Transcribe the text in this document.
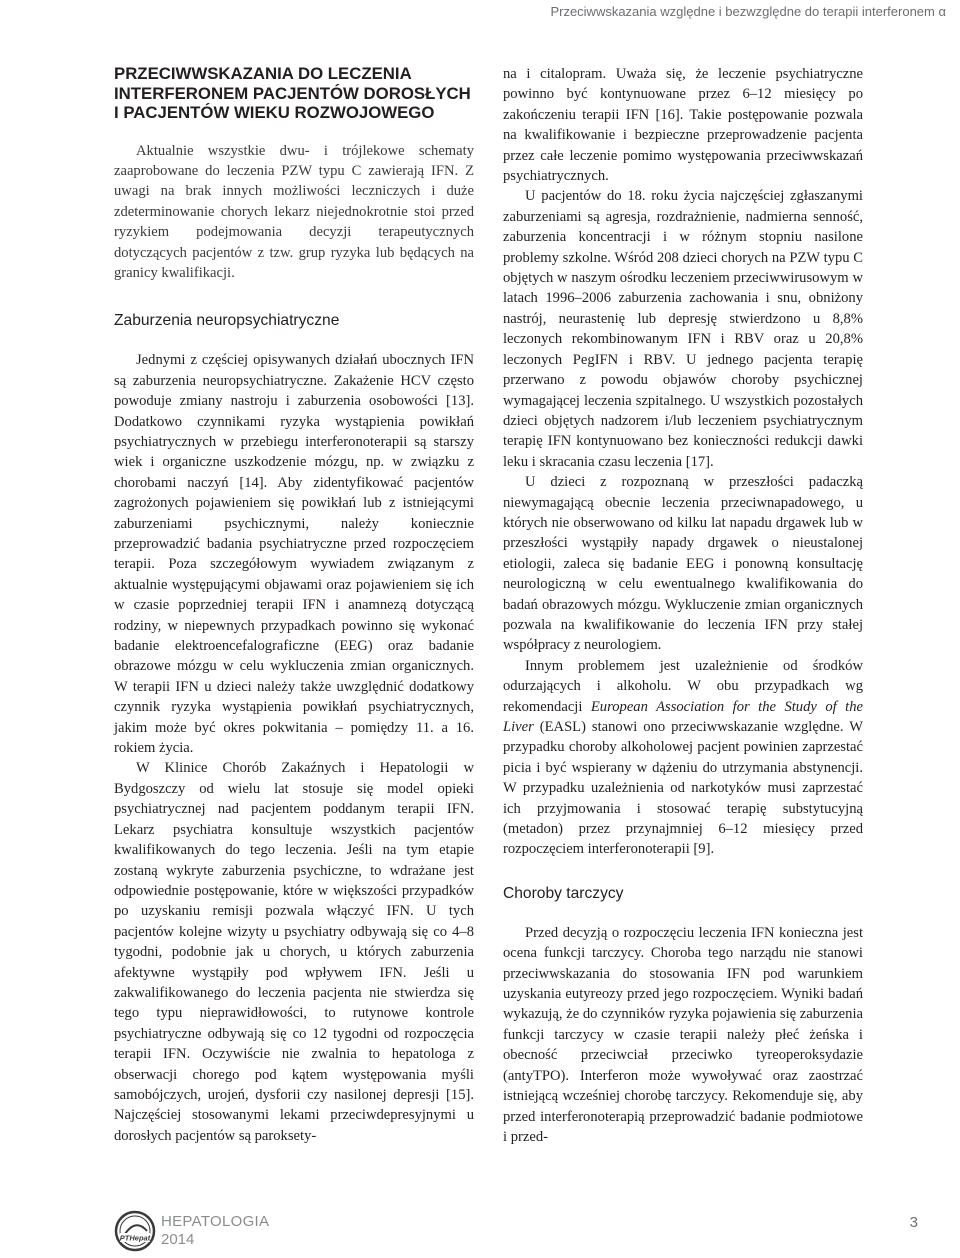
Przeciwwskazania względne i bezwzględne do terapii interferonem α
PRZECIWWSKAZANIA DO LECZENIA
INTERFERONEM PACJENTÓW DOROSŁYCH
I PACJENTÓW WIEKU ROZWOJOWEGO

Aktualnie wszystkie dwu- i trójlekowe schematy zaaprobowane do leczenia PZW typu C zawierają IFN. Z uwagi na brak innych możliwości leczniczych i duże zdeterminowanie chorych lekarz niejednokrotnie stoi przed ryzykiem podejmowania decyzji terapeutycznych dotyczących pacjentów z tzw. grup ryzyka lub będących na granicy kwalifikacji.

Zaburzenia neuropsychiatryczne

Jednymi z częściej opisywanych działań ubocznych IFN są zaburzenia neuropsychiatryczne. Zakażenie HCV często powoduje zmiany nastroju i zaburzenia osobowości [13]. Dodatkowo czynnikami ryzyka wystąpienia powikłań psychiatrycznych w przebiegu interferonoterapii są starszy wiek i organiczne uszkodzenie mózgu, np. w związku z chorobami naczyń [14]. Aby zidentyfikować pacjentów zagrożonych pojawieniem się powikłań lub z istniejącymi zaburzeniami psychicznymi, należy koniecznie przeprowadzić badania psychiatryczne przed rozpoczęciem terapii. Poza szczegółowym wywiadem związanym z aktualnie występującymi objawami oraz pojawieniem się ich w czasie poprzedniej terapii IFN i anamnezą dotyczącą rodziny, w niepewnych przypadkach powinno się wykonać badanie elektroencefalograficzne (EEG) oraz badanie obrazowe mózgu w celu wykluczenia zmian organicznych. W terapii IFN u dzieci należy także uwzględnić dodatkowy czynnik ryzyka wystąpienia powikłań psychiatrycznych, jakim może być okres pokwitania – pomiędzy 11. a 16. rokiem życia.

W Klinice Chorób Zakaźnych i Hepatologii w Bydgoszczy od wielu lat stosuje się model opieki psychiatrycznej nad pacjentem poddanym terapii IFN. Lekarz psychiatra konsultuje wszystkich pacjentów kwalifikowanych do tego leczenia. Jeśli na tym etapie zostaną wykryte zaburzenia psychiczne, to wdrażane jest odpowiednie postępowanie, które w większości przypadków po uzyskaniu remisji pozwala włączyć IFN. U tych pacjentów kolejne wizyty u psychiatry odbywają się co 4–8 tygodni, podobnie jak u chorych, u których zaburzenia afektywne wystąpiły pod wpływem IFN. Jeśli u zakwalifikowanego do leczenia pacjenta nie stwierdza się tego typu nieprawidłowości, to rutynowe kontrole psychiatryczne odbywają się co 12 tygodni od rozpoczęcia terapii IFN. Oczywiście nie zwalnia to hepatologa z obserwacji chorego pod kątem występowania myśli samobójczych, urojeń, dysforii czy nasilonej depresji [15]. Najczęściej stosowanymi lekami przeciwdepresyjnymi u dorosłych pacjentów są paroksety-

na i citalopram. Uważa się, że leczenie psychiatryczne powinno być kontynuowane przez 6–12 miesięcy po zakończeniu terapii IFN [16]. Takie postępowanie pozwala na kwalifikowanie i bezpieczne przeprowadzenie pacjenta przez całe leczenie pomimo występowania przeciwwskazań psychiatrycznych.

U pacjentów do 18. roku życia najczęściej zgłaszanymi zaburzeniami są agresja, rozdrażnienie, nadmierna senność, zaburzenia koncentracji i w różnym stopniu nasilone problemy szkolne. Wśród 208 dzieci chorych na PZW typu C objętych w naszym ośrodku leczeniem przeciwwirusowym w latach 1996–2006 zaburzenia zachowania i snu, obniżony nastrój, neurastenię lub depresję stwierdzono u 8,8% leczonych rekombinowanym IFN i RBV oraz u 20,8% leczonych PegIFN i RBV. U jednego pacjenta terapię przerwano z powodu objawów choroby psychicznej wymagającej leczenia szpitalnego. U wszystkich pozostałych dzieci objętych nadzorem i/lub leczeniem psychiatrycznym terapię IFN kontynuowano bez konieczności redukcji dawki leku i skracania czasu leczenia [17].

U dzieci z rozpoznaną w przeszłości padaczką niewymagającą obecnie leczenia przeciwnapadowego, u których nie obserwowano od kilku lat napadu drgawek lub w przeszłości wystąpiły napady drgawek o nieustalonej etiologii, zaleca się badanie EEG i ponowną konsultację neurologiczną w celu ewentualnego kwalifikowania do badań obrazowych mózgu. Wykluczenie zmian organicznych pozwala na kwalifikowanie do leczenia IFN przy stałej współpracy z neurologiem.

Innym problemem jest uzależnienie od środków odurzających i alkoholu. W obu przypadkach wg rekomendacji European Association for the Study of the Liver (EASL) stanowi ono przeciwwskazanie względne. W przypadku choroby alkoholowej pacjent powinien zaprzestać picia i być wspierany w dążeniu do utrzymania abstynencji. W przypadku uzależnienia od narkotyków musi zaprzestać ich przyjmowania i stosować terapię substytucyjną (metadon) przez przynajmniej 6–12 miesięcy przed rozpoczęciem interferonoterapii [9].

Choroby tarczycy

Przed decyzją o rozpoczęciu leczenia IFN konieczna jest ocena funkcji tarczycy. Choroba tego narządu nie stanowi przeciwwskazania do stosowania IFN pod warunkiem uzyskania eutyreozy przed jego rozpoczęciem. Wyniki badań wykazują, że do czynników ryzyka pojawienia się zaburzenia funkcji tarczycy w czasie terapii należy płeć żeńska i obecność przeciwciał przeciwko tyreoperoksydazie (antyTPO). Interferon może wywoływać oraz zaostrzać istniejącą wcześniej chorobę tarczycy. Rekomenduje się, aby przed interferonoterapią przeprowadzić badanie podmiotowe i przed-

PTHepat
HEPATOLOGIA
2014
3
